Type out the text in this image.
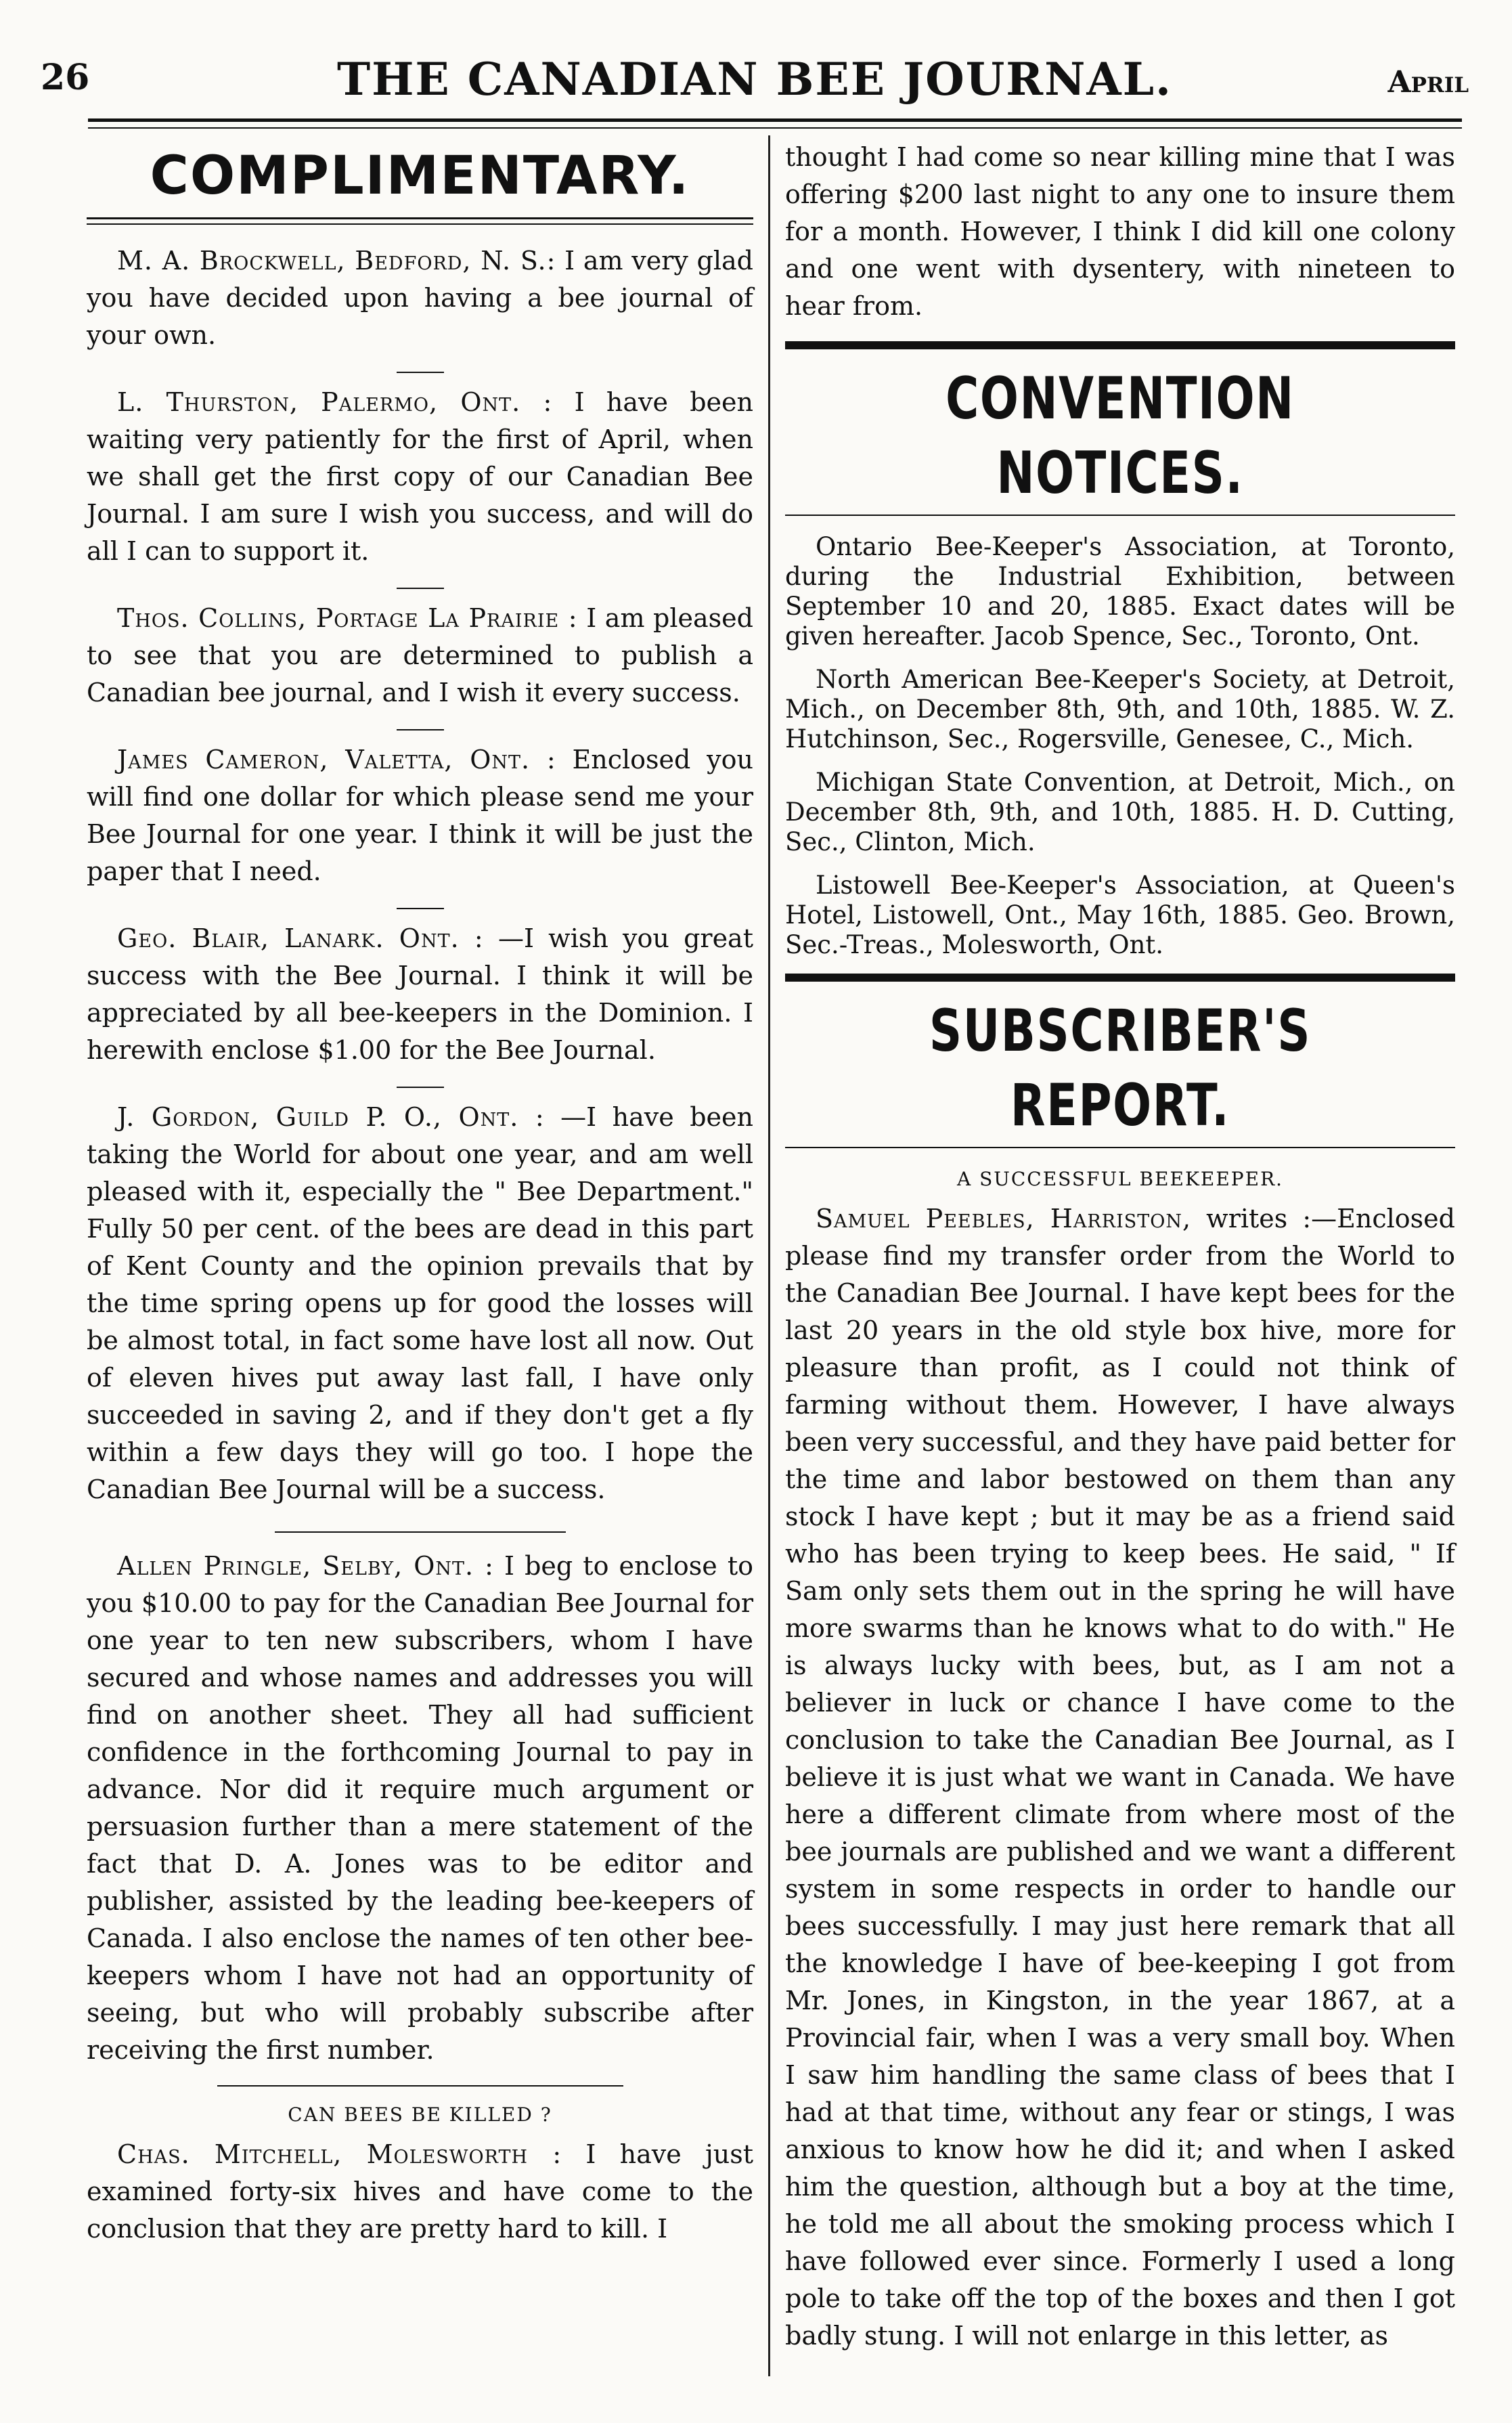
26	THE CANADIAN BEE JOURNAL.	April
COMPLIMENTARY.

M. A. Brockwell, Bedford, N. S.: I am very glad you have decided upon having a bee journal of your own.

L. Thurston, Palermo, Ont. : I have been waiting very patiently for the first of April, when we shall get the first copy of our Canadian Bee Journal. I am sure I wish you success, and will do all I can to support it.

Thos. Collins, Portage La Prairie : I am pleased to see that you are determined to publish a Canadian bee journal, and I wish it every success.

James Cameron, Valetta, Ont. : Enclosed you will find one dollar for which please send me your Bee Journal for one year. I think it will be just the paper that I need.

Geo. Blair, Lanark. Ont. : —I wish you great success with the Bee Journal. I think it will be appreciated by all bee-keepers in the Dominion. I herewith enclose $1.00 for the Bee Journal.

J. Gordon, Guild P. O., Ont. : —I have been taking the World for about one year, and am well pleased with it, especially the " Bee Department." Fully 50 per cent. of the bees are dead in this part of Kent County and the opinion prevails that by the time spring opens up for good the losses will be almost total, in fact some have lost all now. Out of eleven hives put away last fall, I have only succeeded in saving 2, and if they don't get a fly within a few days they will go too. I hope the Canadian Bee Journal will be a success.

Allen Pringle, Selby, Ont. : I beg to enclose to you $10.00 to pay for the Canadian Bee Journal for one year to ten new subscribers, whom I have secured and whose names and addresses you will find on another sheet. They all had sufficient confidence in the forthcoming Journal to pay in advance. Nor did it require much argument or persuasion further than a mere statement of the fact that D. A. Jones was to be editor and publisher, assisted by the leading bee-keepers of Canada. I also enclose the names of ten other bee-keepers whom I have not had an opportunity of seeing, but who will probably subscribe after receiving the first number.

CAN BEES BE KILLED ?

Chas. Mitchell, Molesworth : I have just examined forty-six hives and have come to the conclusion that they are pretty hard to kill. I

thought I had come so near killing mine that I was offering $200 last night to any one to insure them for a month. However, I think I did kill one colony and one went with dysentery, with nineteen to hear from.

CONVENTION NOTICES.

Ontario Bee-Keeper's Association, at Toronto, during the Industrial Exhibition, between September 10 and 20, 1885. Exact dates will be given hereafter. Jacob Spence, Sec., Toronto, Ont.

North American Bee-Keeper's Society, at Detroit, Mich., on December 8th, 9th, and 10th, 1885. W. Z. Hutchinson, Sec., Rogersville, Genesee, C., Mich.

Michigan State Convention, at Detroit, Mich., on December 8th, 9th, and 10th, 1885. H. D. Cutting, Sec., Clinton, Mich.

Listowell Bee-Keeper's Association, at Queen's Hotel, Listowell, Ont., May 16th, 1885. Geo. Brown, Sec.-Treas., Molesworth, Ont.

SUBSCRIBER'S REPORT.
A SUCCESSFUL BEEKEEPER.

Samuel Peebles, Harriston, writes :—Enclosed please find my transfer order from the World to the Canadian Bee Journal. I have kept bees for the last 20 years in the old style box hive, more for pleasure than profit, as I could not think of farming without them. However, I have always been very successful, and they have paid better for the time and labor bestowed on them than any stock I have kept ; but it may be as a friend said who has been trying to keep bees. He said, " If Sam only sets them out in the spring he will have more swarms than he knows what to do with." He is always lucky with bees, but, as I am not a believer in luck or chance I have come to the conclusion to take the Canadian Bee Journal, as I believe it is just what we want in Canada. We have here a different climate from where most of the bee journals are published and we want a different system in some respects in order to handle our bees successfully. I may just here remark that all the knowledge I have of bee-keeping I got from Mr. Jones, in Kingston, in the year 1867, at a Provincial fair, when I was a very small boy. When I saw him handling the same class of bees that I had at that time, without any fear or stings, I was anxious to know how he did it; and when I asked him the question, although but a boy at the time, he told me all about the smoking process which I have followed ever since. Formerly I used a long pole to take off the top of the boxes and then I got badly stung. I will not enlarge in this letter, as
